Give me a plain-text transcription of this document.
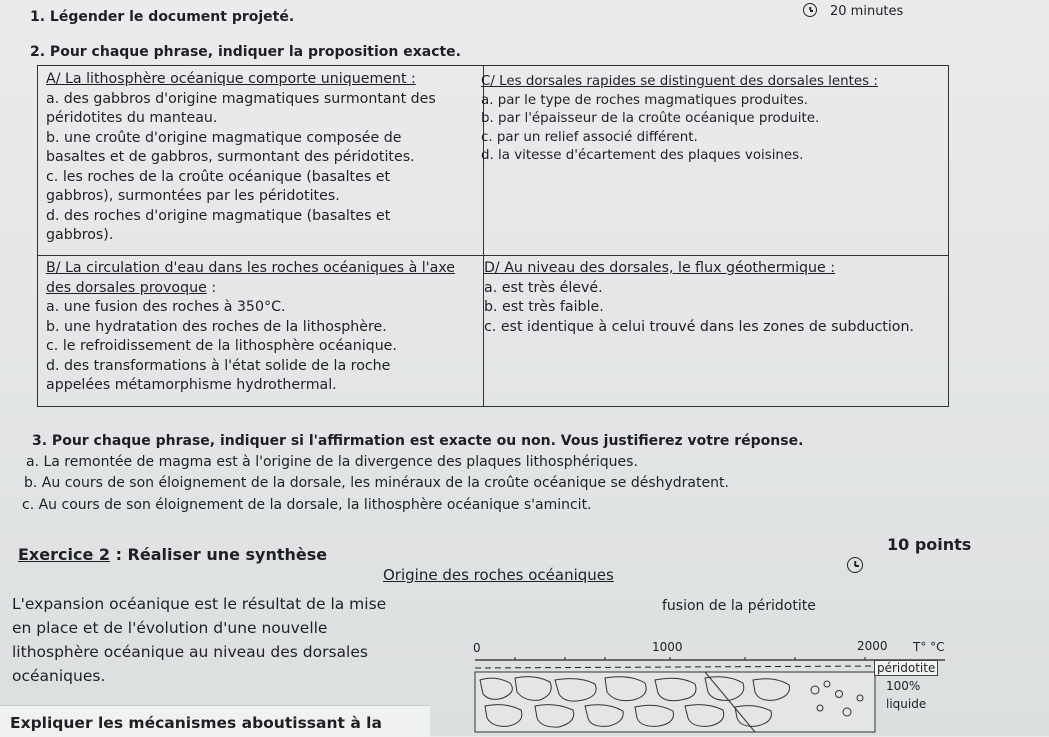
1. Légender le document projeté.	20 minutes
2. Pour chaque phrase, indiquer la proposition exacte.
A/ La lithosphère océanique comporte uniquement :
a. des gabbros d'origine magmatiques surmontant des
péridotites du manteau.
b. une croûte d'origine magmatique composée de
basaltes et de gabbros, surmontant des péridotites.
c. les roches de la croûte océanique (basaltes et
gabbros), surmontées par les péridotites.
d. des roches d'origine magmatique (basaltes et
gabbros).
C/ Les dorsales rapides se distinguent des dorsales lentes :
a. par le type de roches magmatiques produites.
b. par l'épaisseur de la croûte océanique produite.
c. par un relief associé différent.
d. la vitesse d'écartement des plaques voisines.
B/ La circulation d'eau dans les roches océaniques à l'axe
des dorsales provoque :
a. une fusion des roches à 350°C.
b. une hydratation des roches de la lithosphère.
c. le refroidissement de la lithosphère océanique.
d. des transformations à l'état solide de la roche
appelées métamorphisme hydrothermal.
D/ Au niveau des dorsales, le flux géothermique :
a. est très élevé.
b. est très faible.
c. est identique à celui trouvé dans les zones de subduction.
3. Pour chaque phrase, indiquer si l'affirmation est exacte ou non. Vous justifierez votre réponse.
a. La remontée de magma est à l'origine de la divergence des plaques lithosphériques.
b. Au cours de son éloignement de la dorsale, les minéraux de la croûte océanique se déshydratent.
c. Au cours de son éloignement de la dorsale, la lithosphère océanique s'amincit.
Exercice 2 : Réaliser une synthèse
10 points
Origine des roches océaniques
L'expansion océanique est le résultat de la mise
en place et de l'évolution d'une nouvelle
lithosphère océanique au niveau des dorsales
océaniques.
Expliquer les mécanismes aboutissant à la
fusion de la péridotite
0	1000	2000 T° °C
péridotite
100%
liquide
